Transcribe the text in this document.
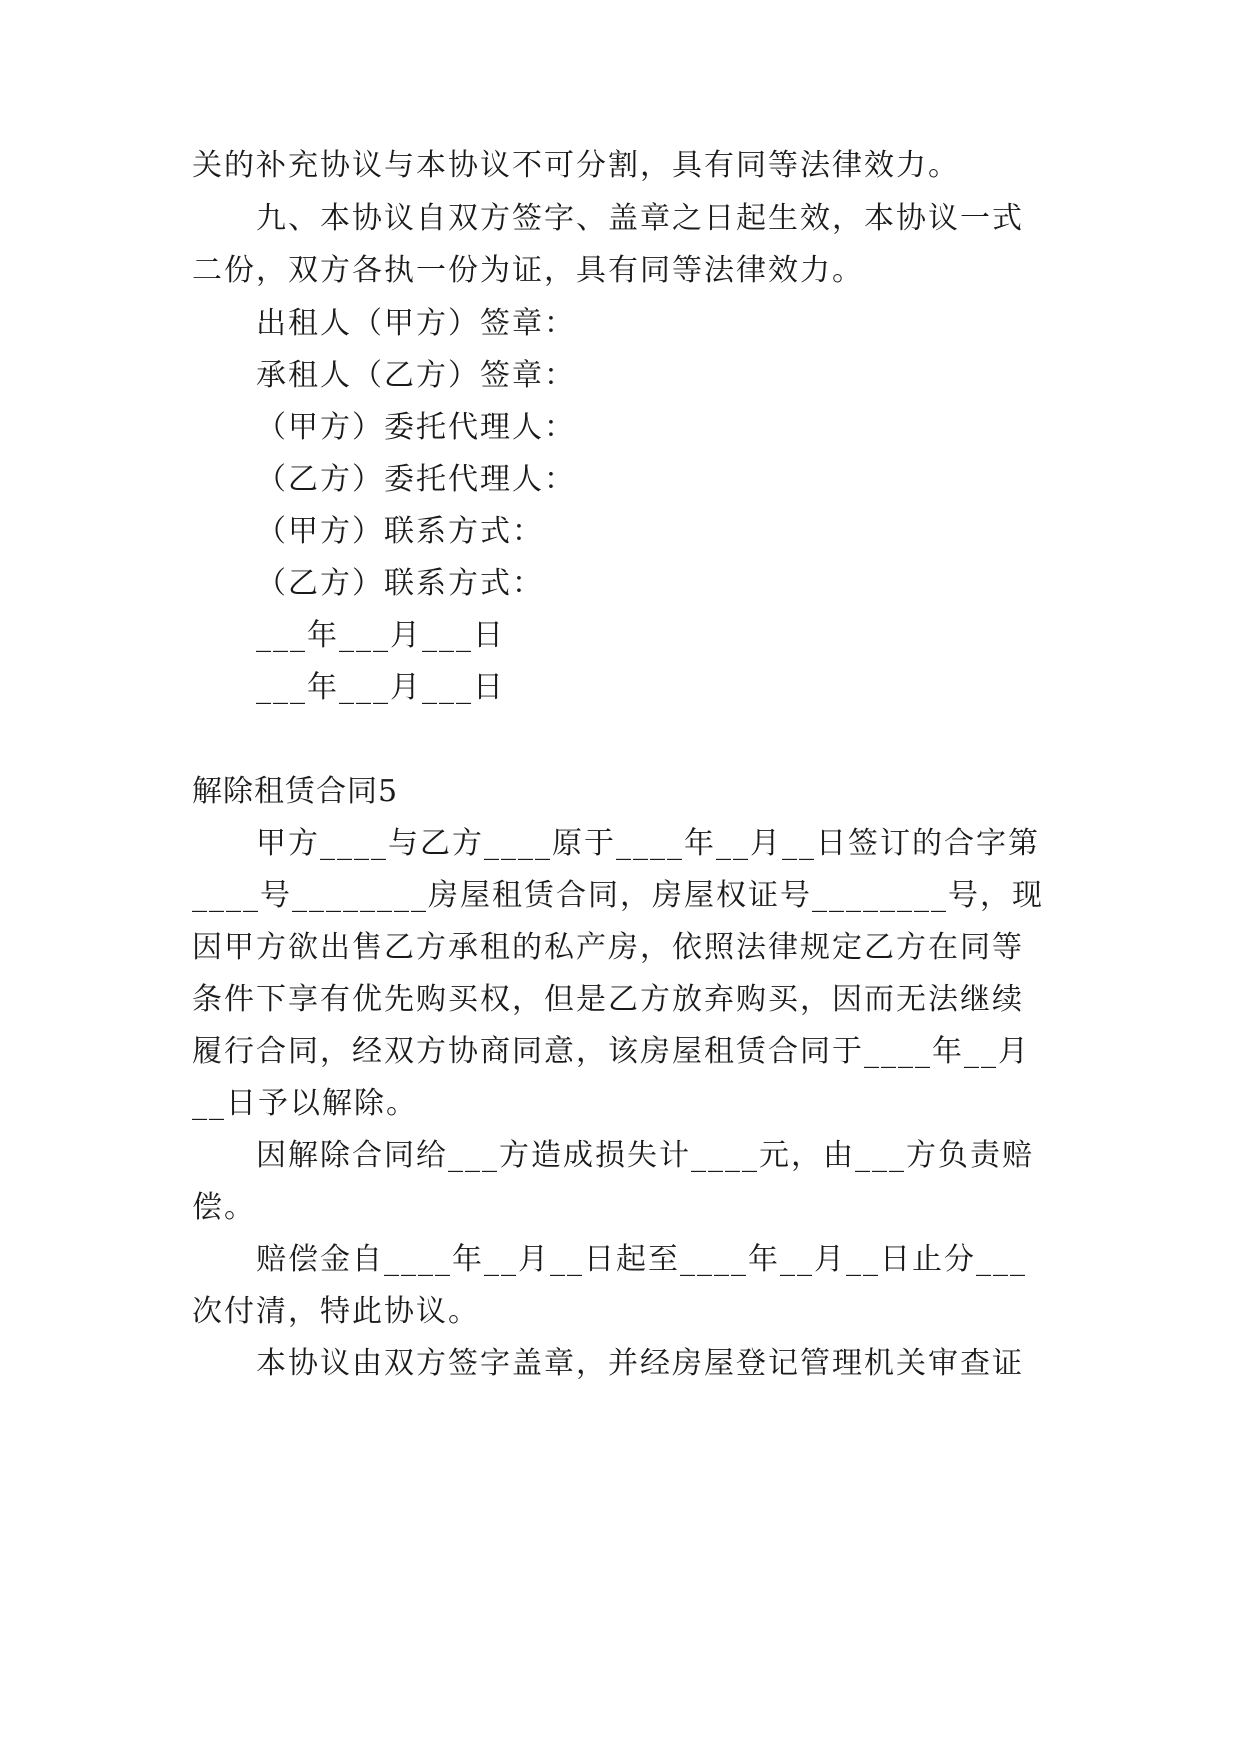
关的补充协议与本协议不可分割，具有同等法律效力。
九、本协议自双方签字、盖章之日起生效，本协议一式
二份，双方各执一份为证，具有同等法律效力。
出租人（甲方）签章：
承租人（乙方）签章：
（甲方）委托代理人：
（乙方）委托代理人：
（甲方）联系方式：
（乙方）联系方式：
___年___月___日
___年___月___日
解除租赁合同5
甲方____与乙方____原于____年__月__日签订的合字第
____号________房屋租赁合同，房屋权证号________号，现
因甲方欲出售乙方承租的私产房，依照法律规定乙方在同等
条件下享有优先购买权，但是乙方放弃购买，因而无法继续
履行合同，经双方协商同意，该房屋租赁合同于____年__月
__日予以解除。
因解除合同给___方造成损失计____元，由___方负责赔
偿。
赔偿金自____年__月__日起至____年__月__日止分___
次付清，特此协议。
本协议由双方签字盖章，并经房屋登记管理机关审查证
